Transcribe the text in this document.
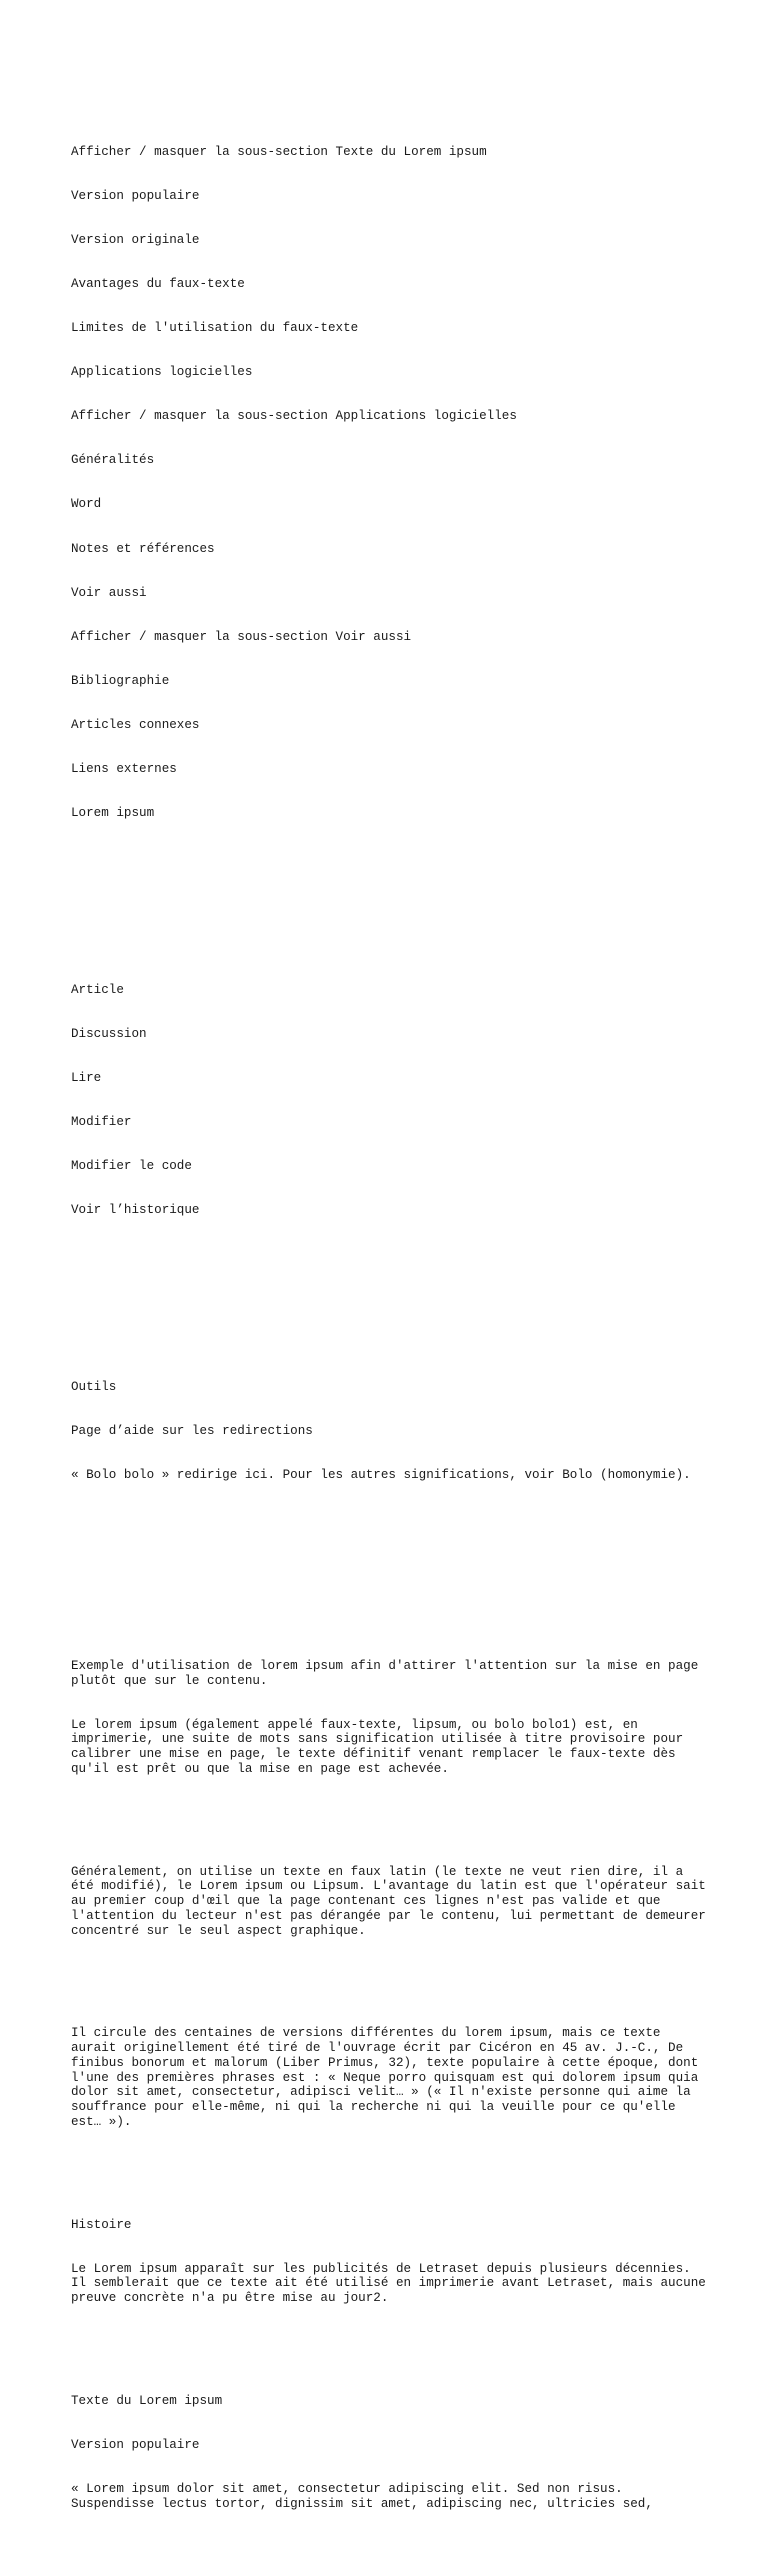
Afficher / masquer la sous-section Texte du Lorem ipsum

Version populaire

Version originale

Avantages du faux-texte

Limites de l'utilisation du faux-texte

Applications logicielles

Afficher / masquer la sous-section Applications logicielles

Généralités

Word

Notes et références

Voir aussi

Afficher / masquer la sous-section Voir aussi

Bibliographie

Articles connexes

Liens externes

Lorem ipsum

Article

Discussion

Lire

Modifier

Modifier le code

Voir l’historique

Outils

Page d’aide sur les redirections

« Bolo bolo » redirige ici. Pour les autres significations, voir Bolo (homonymie).

Exemple d'utilisation de lorem ipsum afin d'attirer l'attention sur la mise en page plutôt que sur le contenu.

Le lorem ipsum (également appelé faux-texte, lipsum, ou bolo bolo1) est, en imprimerie, une suite de mots sans signification utilisée à titre provisoire pour calibrer une mise en page, le texte définitif venant remplacer le faux-texte dès qu'il est prêt ou que la mise en page est achevée.

Généralement, on utilise un texte en faux latin (le texte ne veut rien dire, il a été modifié), le Lorem ipsum ou Lipsum. L'avantage du latin est que l'opérateur sait au premier coup d'œil que la page contenant ces lignes n'est pas valide et que l'attention du lecteur n'est pas dérangée par le contenu, lui permettant de demeurer concentré sur le seul aspect graphique.

Il circule des centaines de versions différentes du lorem ipsum, mais ce texte aurait originellement été tiré de l'ouvrage écrit par Cicéron en 45 av. J.-C., De finibus bonorum et malorum (Liber Primus, 32), texte populaire à cette époque, dont l'une des premières phrases est : « Neque porro quisquam est qui dolorem ipsum quia dolor sit amet, consectetur, adipisci velit… » (« Il n'existe personne qui aime la souffrance pour elle-même, ni qui la recherche ni qui la veuille pour ce qu'elle est… »).

Histoire

Le Lorem ipsum apparaît sur les publicités de Letraset depuis plusieurs décennies. Il semblerait que ce texte ait été utilisé en imprimerie avant Letraset, mais aucune preuve concrète n'a pu être mise au jour2.

Texte du Lorem ipsum

Version populaire

« Lorem ipsum dolor sit amet, consectetur adipiscing elit. Sed non risus. Suspendisse lectus tortor, dignissim sit amet, adipiscing nec, ultricies sed,
